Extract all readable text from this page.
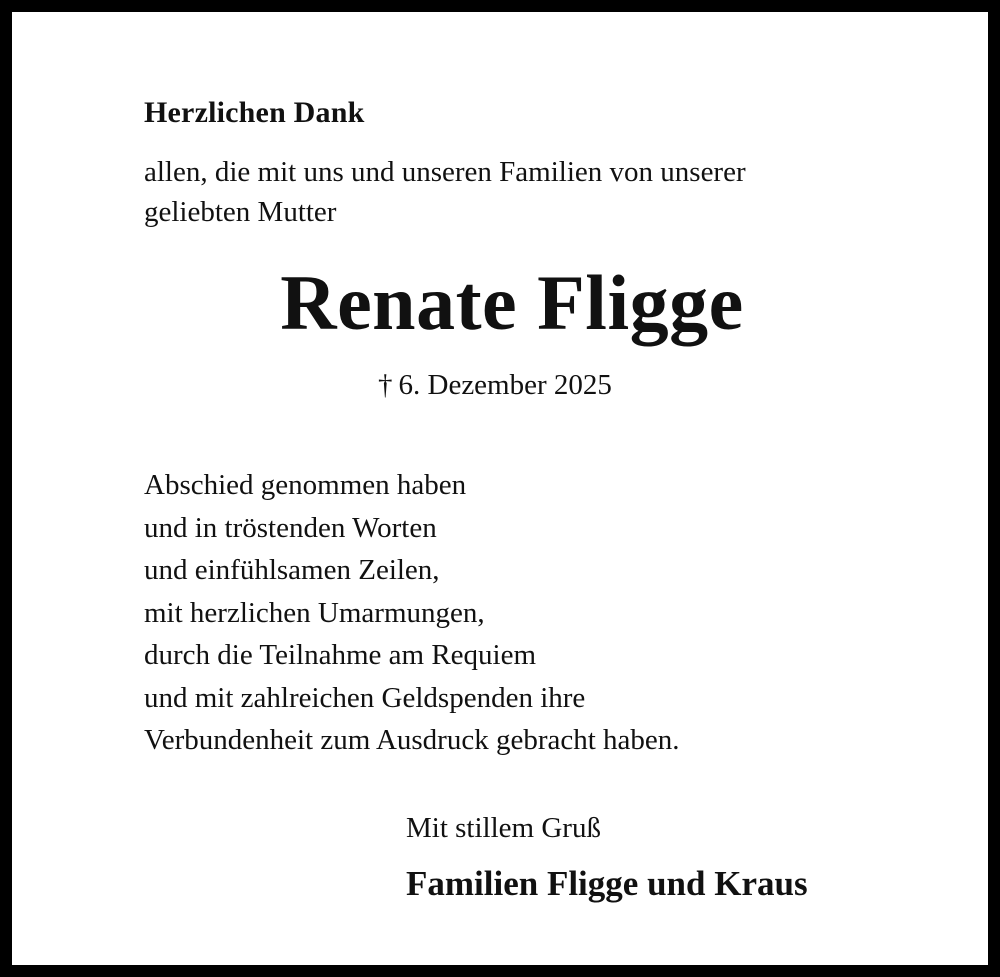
Herzlichen Dank
allen, die mit uns und unseren Familien von unserer
geliebten Mutter
Renate Fligge
† 6. Dezember 2025
Abschied genommen haben
und in tröstenden Worten
und einfühlsamen Zeilen,
mit herzlichen Umarmungen,
durch die Teilnahme am Requiem
und mit zahlreichen Geldspenden ihre
Verbundenheit zum Ausdruck gebracht haben.
Mit stillem Gruß
Familien Fligge und Kraus
